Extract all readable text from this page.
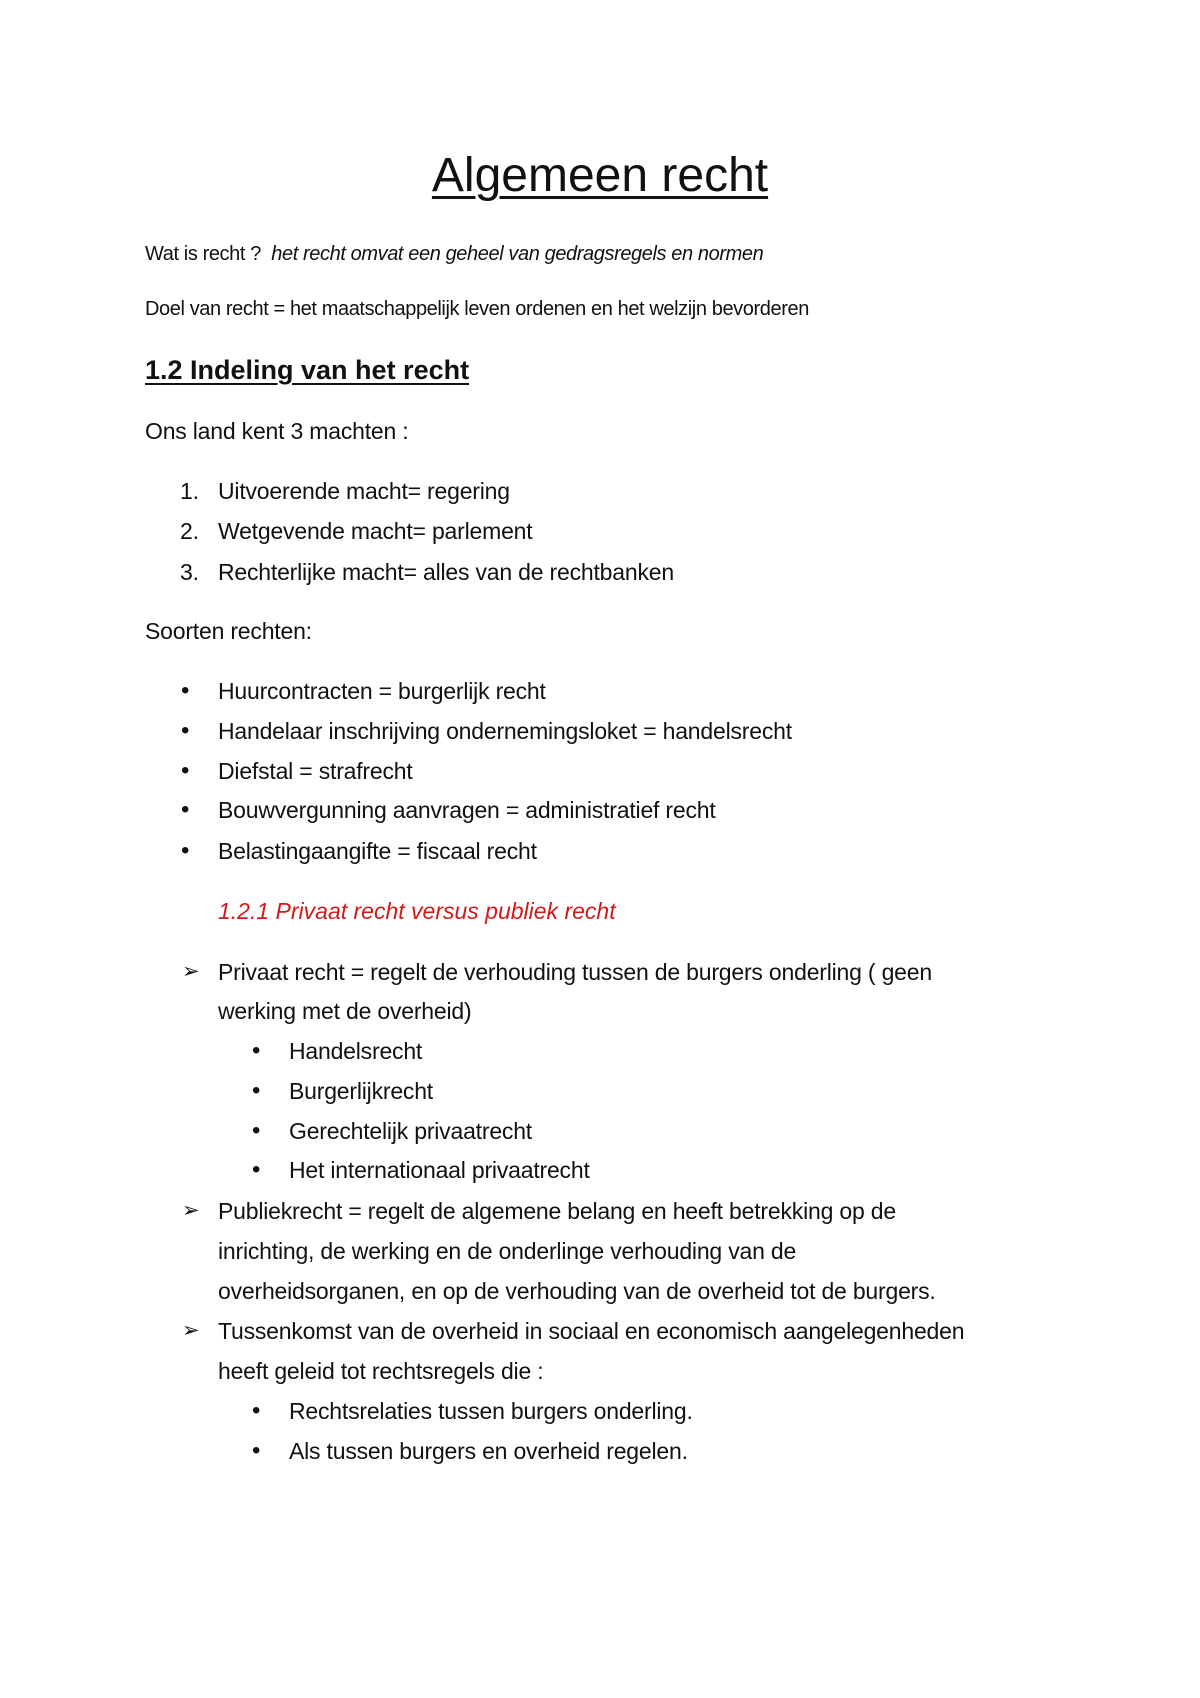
Algemeen recht
Wat is recht ? het recht omvat een geheel van gedragsregels en normen
Doel van recht = het maatschappelijk leven ordenen en het welzijn bevorderen
1.2 Indeling van het recht
Ons land kent 3 machten :
Soorten rechten:
1.2.1 Privaat recht versus publiek recht
1. Uitvoerende macht= regering
2. Wetgevende macht= parlement
3. Rechterlijke macht= alles van de rechtbanken
• Huurcontracten = burgerlijk recht
• Handelaar inschrijving ondernemingsloket = handelsrecht
• Diefstal = strafrecht
• Bouwvergunning aanvragen = administratief recht
• Belastingaangifte = fiscaal recht
➢ Privaat recht = regelt de verhouding tussen de burgers onderling ( geen
werking met de overheid)
• Handelsrecht
• Burgerlijkrecht
• Gerechtelijk privaatrecht
• Het internationaal privaatrecht
➢ Publiekrecht = regelt de algemene belang en heeft betrekking op de
inrichting, de werking en de onderlinge verhouding van de
overheidsorganen, en op de verhouding van de overheid tot de burgers.
➢ Tussenkomst van de overheid in sociaal en economisch aangelegenheden
heeft geleid tot rechtsregels die :
• Rechtsrelaties tussen burgers onderling.
• Als tussen burgers en overheid regelen.
